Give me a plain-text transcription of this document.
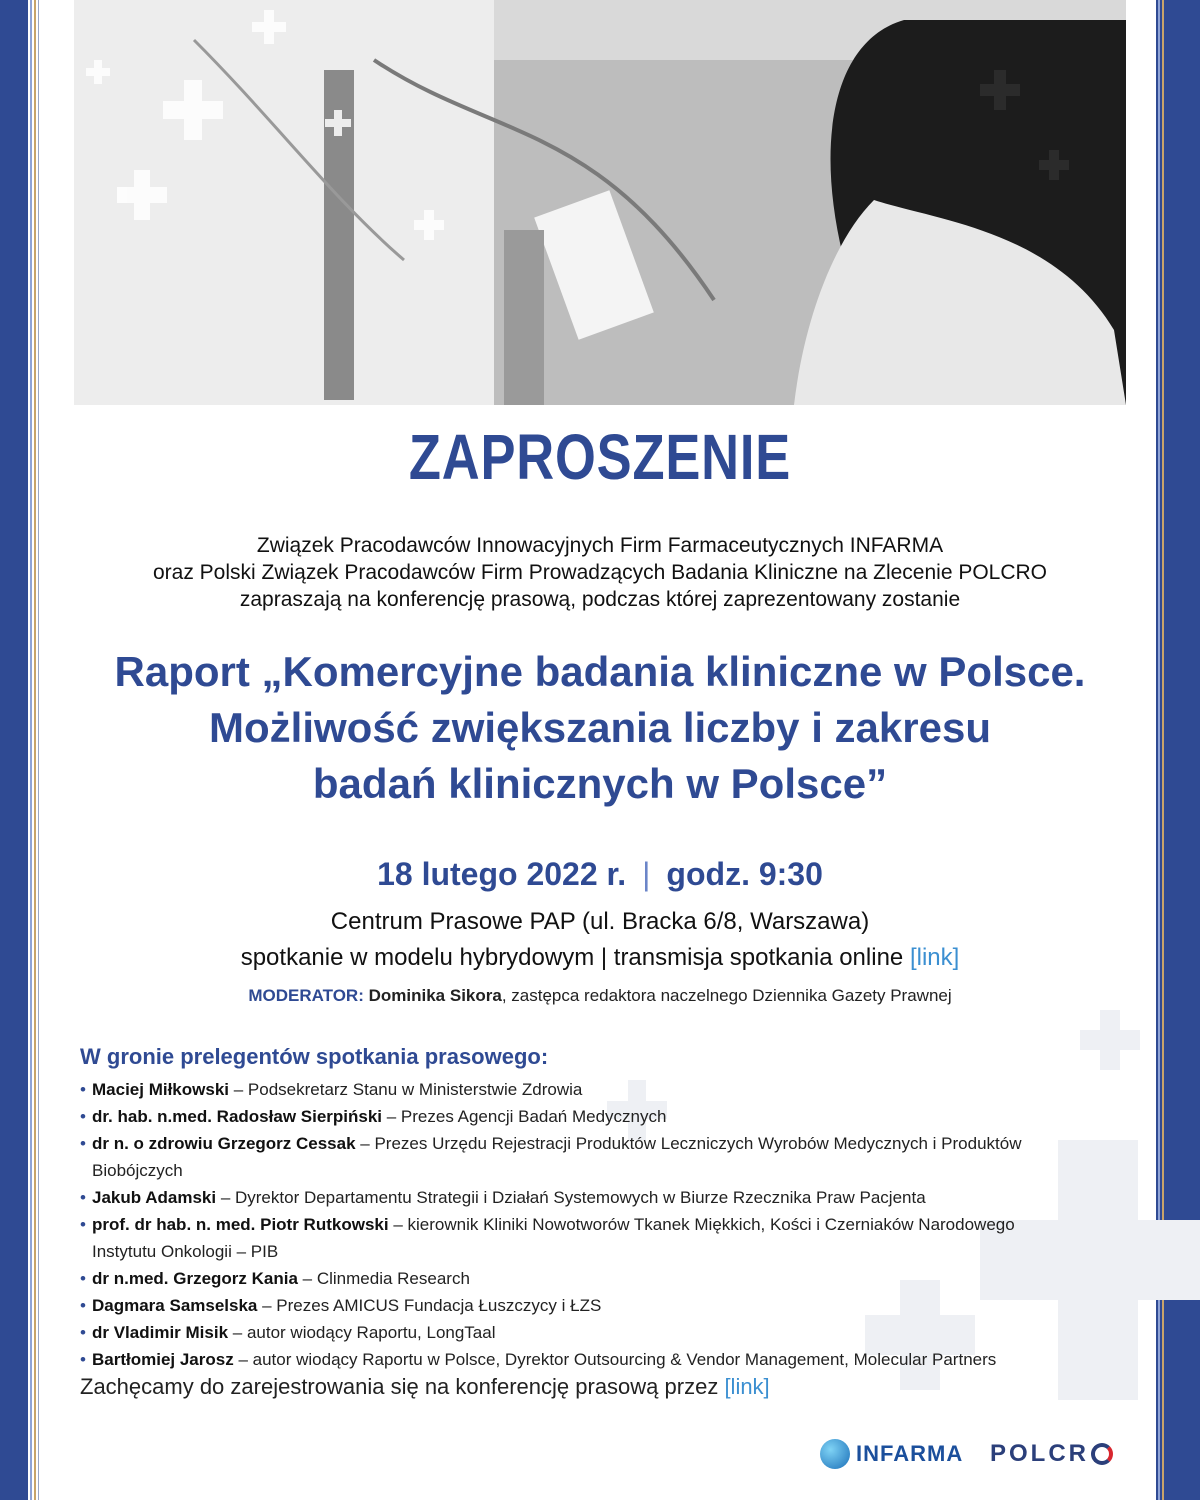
ZAPROSZENIE
Związek Pracodawców Innowacyjnych Firm Farmaceutycznych INFARMA
oraz Polski Związek Pracodawców Firm Prowadzących Badania Kliniczne na Zlecenie POLCRO
zapraszają na konferencję prasową, podczas której zaprezentowany zostanie
Raport „Komercyjne badania kliniczne w Polsce.
Możliwość zwiększania liczby i zakresu
badań klinicznych w Polsce”
18 lutego 2022 r. | godz. 9:30
Centrum Prasowe PAP (ul. Bracka 6/8, Warszawa)
spotkanie w modelu hybrydowym | transmisja spotkania online [link]
MODERATOR: Dominika Sikora, zastępca redaktora naczelnego Dziennika Gazety Prawnej
W gronie prelegentów spotkania prasowego:
• Maciej Miłkowski – Podsekretarz Stanu w Ministerstwie Zdrowia
• dr. hab. n.med. Radosław Sierpiński – Prezes Agencji Badań Medycznych
• dr n. o zdrowiu Grzegorz Cessak – Prezes Urzędu Rejestracji Produktów Leczniczych Wyrobów Medycznych i Produktów Biobójczych
• Jakub Adamski – Dyrektor Departamentu Strategii i Działań Systemowych w Biurze Rzecznika Praw Pacjenta
• prof. dr hab. n. med. Piotr Rutkowski – kierownik Kliniki Nowotworów Tkanek Miękkich, Kości i Czerniaków Narodowego Instytutu Onkologii – PIB
• dr n.med. Grzegorz Kania – Clinmedia Research
• Dagmara Samselska – Prezes AMICUS Fundacja Łuszczycy i ŁZS
• dr Vladimir Misik – autor wiodący Raportu, LongTaal
• Bartłomiej Jarosz – autor wiodący Raportu w Polsce, Dyrektor Outsourcing & Vendor Management, Molecular Partners
Zachęcamy do zarejestrowania się na konferencję prasową przez [link]
INFARMA POLCR
